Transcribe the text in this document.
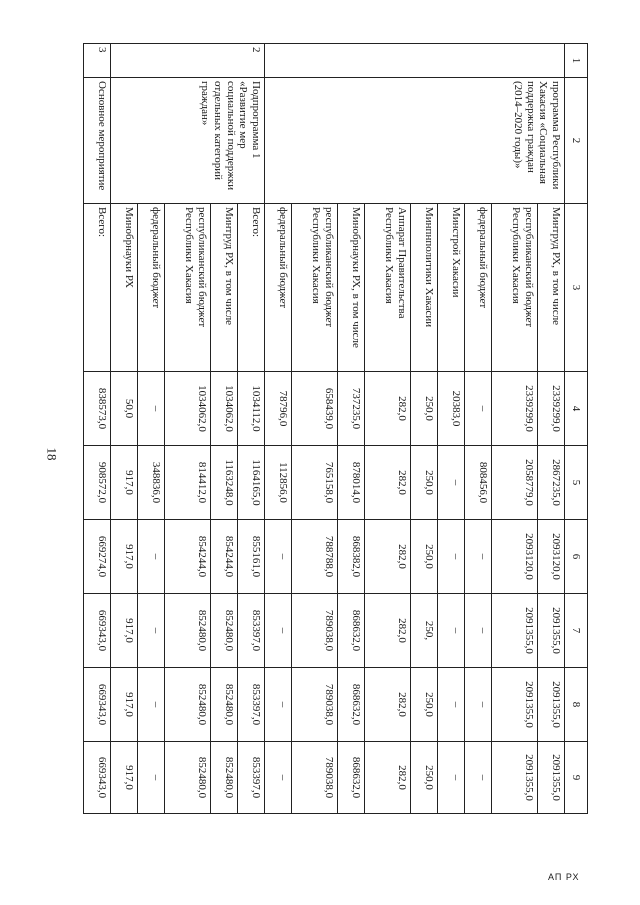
18
1	2	3	4	5	6	7	8	9
	программа Республики Хакасия «Социальная поддержка граждан (2014–2020 годы)»	Минтруд РХ, в том числе	2339299,0	2867235,0	2093120,0	2091355,0	2091355,0	2091355,0
		республиканский бюджет Республики Хакасия	2339299,0	2058779,0	2093120,0	2091355,0	2091355,0	2091355,0
		федеральный бюджет	–	808456,0	–	–	–	–
		Минстрой Хакасии	20383,0	–	–	–	–	–
		Минпнполитики Хакасии	250,0	250,0	250,0	250,	250,0	250,0
		Аппарат Правительства Республики Хакасия	282,0	282,0	282,0	282,0	282,0	282,0
		Минобрнауки РХ, в том числе	737235,0	878014,0	868382,0	868632,0	868632,0	868632,0
		республиканский бюджет Республики Хакасия	658439,0	765158,0	788788,0	789038,0	789038,0	789038,0
		федеральный бюджет	78796,0	112856,0	–	–	–	–
2	Подпрограмма 1 «Развитие мер социальной поддержки отдельных категорий граждан»	Всего:	1034112,0	1164165,0	855161,0	853397,0	853397,0	853397,0
		Минтруд РХ, в том числе	1034062,0	1163248,0	854244,0	852480,0	852480,0	852480,0
		республиканский бюджет Республики Хакасия	1034062,0	814412,0	854244,0	852480,0	852480,0	852480,0
		федеральный бюджет	–	348836,0	–	–	–	–
		Минобрнауки РХ	50,0	917,0	917,0	917,0	917,0	917,0
3	Основное мероприятие	Всего:	838573,0	908572,0	669274,0	669343,0	669343,0	669343,0
АП РХ
